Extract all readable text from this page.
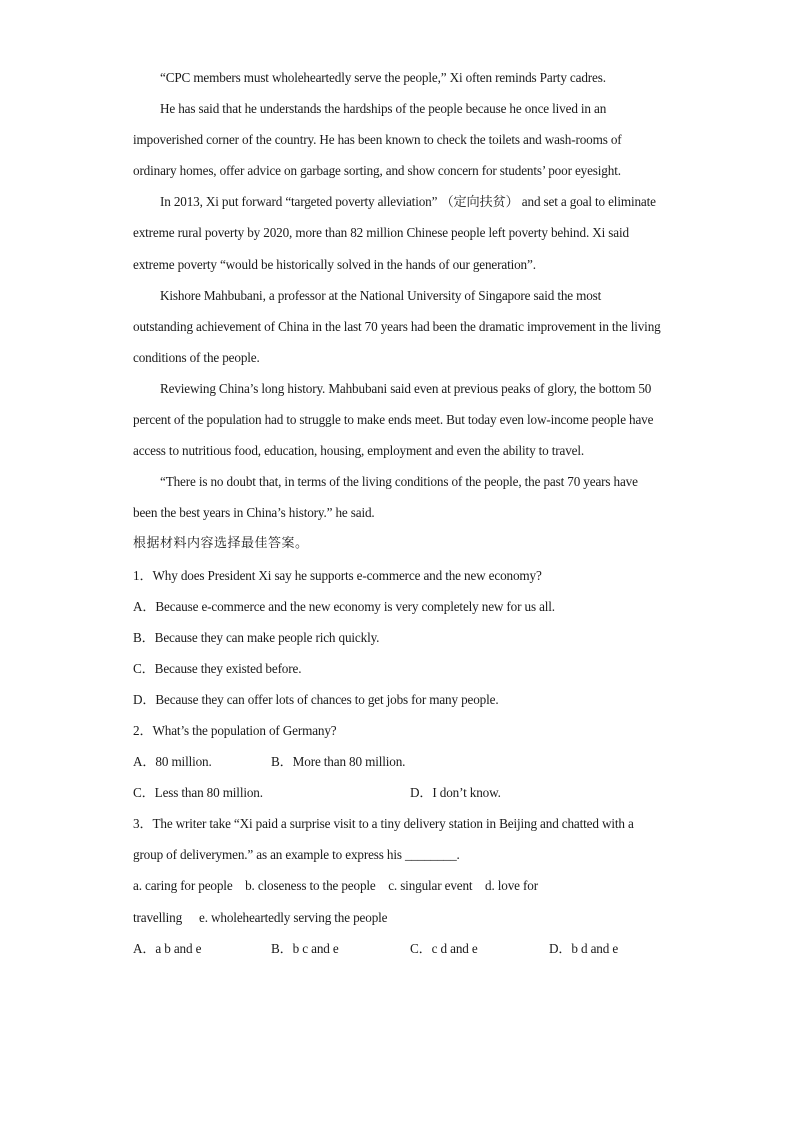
“CPC members must wholeheartedly serve the people,” Xi often reminds Party cadres.

He has said that he understands the hardships of the people because he once lived in an impoverished corner of the country. He has been known to check the toilets and wash-rooms of ordinary homes, offer advice on garbage sorting, and show concern for students’ poor eyesight.

In 2013, Xi put forward “targeted poverty alleviation” （定向扶贫） and set a goal to eliminate extreme rural poverty by 2020, more than 82 million Chinese people left poverty behind. Xi said extreme poverty “would be historically solved in the hands of our generation”.

Kishore Mahbubani, a professor at the National University of Singapore said the most outstanding achievement of China in the last 70 years had been the dramatic improvement in the living conditions of the people.

Reviewing China’s long history. Mahbubani said even at previous peaks of glory, the bottom 50 percent of the population had to struggle to make ends meet. But today even low-income people have access to nutritious food, education, housing, employment and even the ability to travel.

“There is no doubt that, in terms of the living conditions of the people, the past 70 years have been the best years in China’s history.” he said.

根据材料内容选择最佳答案。

1．Why does President Xi say he supports e-commerce and the new economy?

A．Because e-commerce and the new economy is very completely new for us all.

B．Because they can make people rich quickly.

C．Because they existed before.

D．Because they can offer lots of chances to get jobs for many people.

2．What’s the population of Germany?

A．80 million.	B．More than 80 million.
C．Less than 80 million.	D．I don’t know.

3．The writer take “Xi paid a surprise visit to a tiny delivery station in Beijing and chatted with a group of deliverymen.” as an example to express his ________.

a. caring for people    b. closeness to the people    c. singular event    d. love for

travelling e. wholeheartedly serving the people

A．a b and e	B．b c and e	C．c d and e	D．b d and e
